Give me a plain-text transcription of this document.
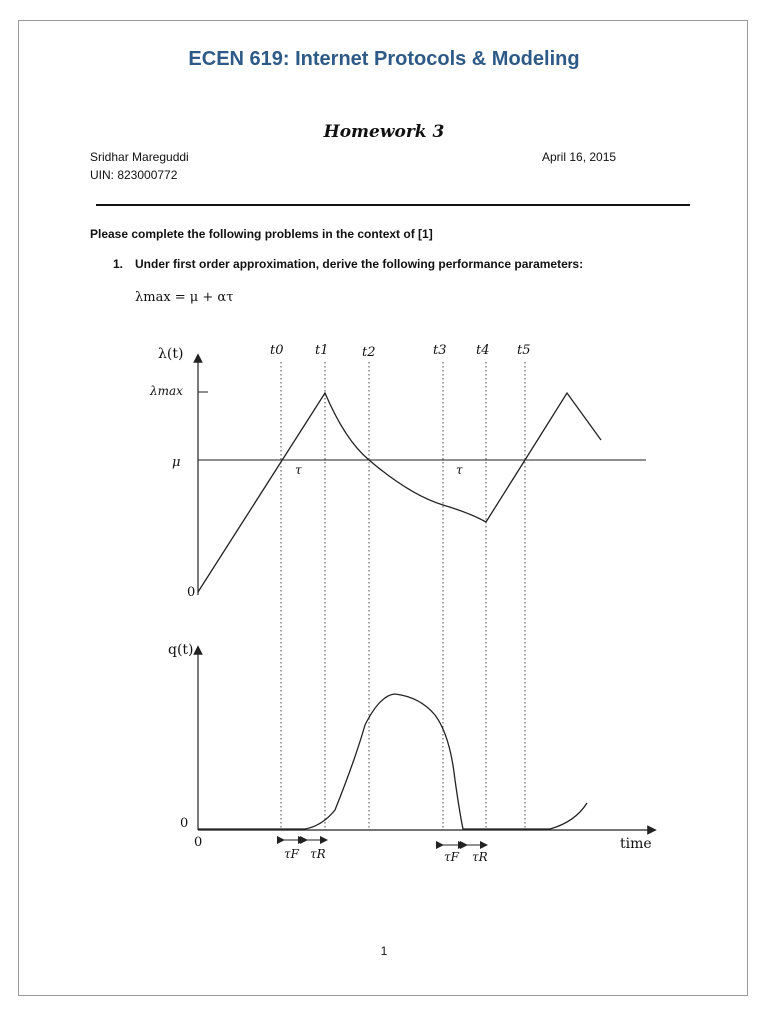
ECEN 619: Internet Protocols & Modeling
Homework 3
Sridhar Mareguddi
UIN: 823000772
April 16, 2015
Please complete the following problems in the context of [1]
1. Under first order approximation, derive the following performance parameters:
λmax = μ + ατ
λ(t)
λmax
μ
0
τ	τ
t0 t1	t2	t3 t4 t5
q(t)
0
0	time
τF τR	τF τR
1
